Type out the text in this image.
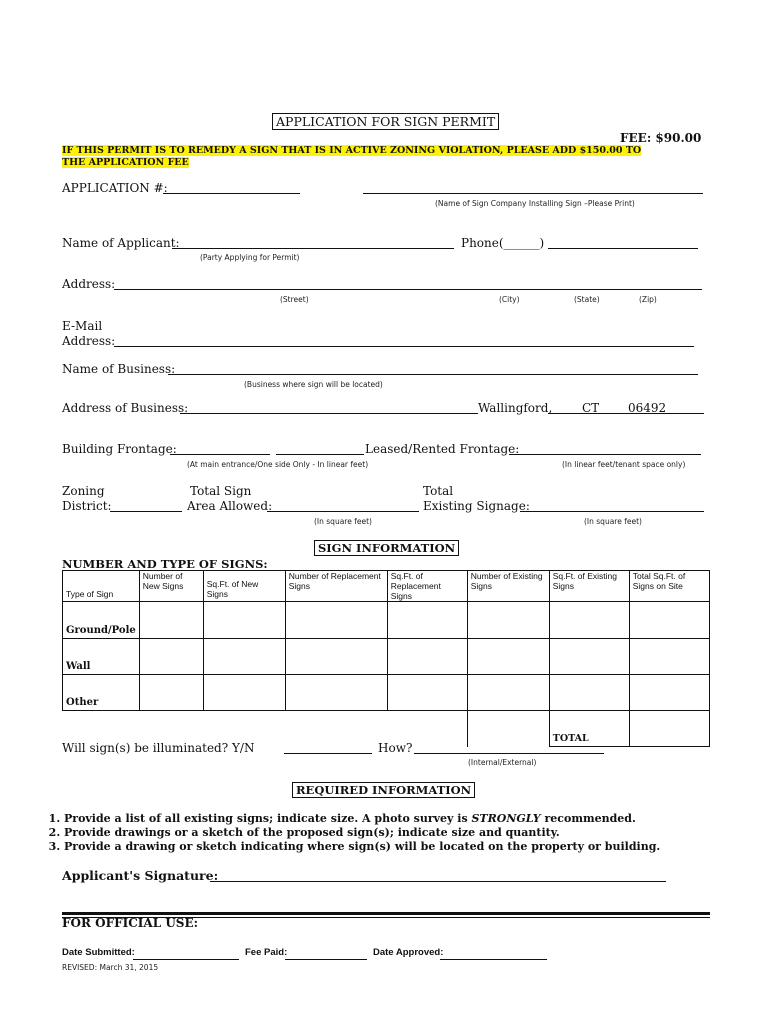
APPLICATION FOR SIGN PERMIT
FEE: $90.00
IF THIS PERMIT IS TO REMEDY A SIGN THAT IS IN ACTIVE ZONING VIOLATION, PLEASE ADD $150.00 TO THE APPLICATION FEE
APPLICATION #:
(Name of Sign Company Installing Sign –Please Print)
Name of Applicant:	Phone(______)
(Party Applying for Permit)
Address:
(Street)	(City)	(State)	(Zip)
E-Mail
Address:
Name of Business:
(Business where sign will be located)
Address of Business:	Wallingford, CT 06492
Building Frontage:	Leased/Rented Frontage:
(At main entrance/One side Only - In linear feet)	(In linear feet/tenant space only)
Zoning
District:
Total Sign
Area Allowed:
(In square feet)
Total
Existing Signage:
(In square feet)
SIGN INFORMATION
NUMBER AND TYPE OF SIGNS:
Type of Sign	Number of New Signs	Sq.Ft. of New Signs	Number of Replacement Signs	Sq.Ft. of Replacement Signs	Number of Existing Signs	Sq.Ft. of Existing Signs	Total Sq.Ft. of Signs on Site
Ground/Pole							
Wall							
Other							
						TOTAL	
Will sign(s) be illuminated? Y/N	How?
(Internal/External)
REQUIRED INFORMATION
1. Provide a list of all existing signs; indicate size. A photo survey is STRONGLY recommended.
2. Provide drawings or a sketch of the proposed sign(s); indicate size and quantity.
3. Provide a drawing or sketch indicating where sign(s) will be located on the property or building.
Applicant's Signature:
FOR OFFICIAL USE:
Date Submitted:	Fee Paid:	Date Approved:
REVISED: March 31, 2015
